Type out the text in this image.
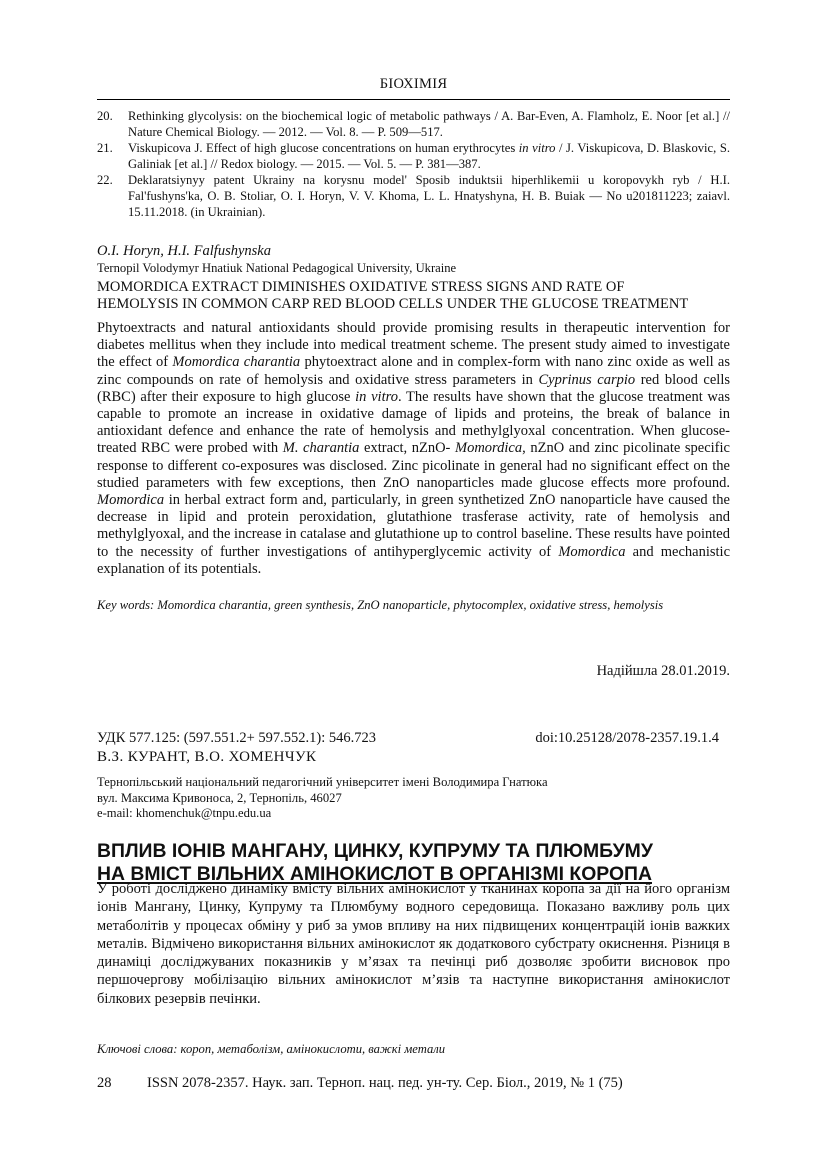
БІОХІМІЯ
20.	Rethinking glycolysis: on the biochemical logic of metabolic pathways / A. Bar-Even, A. Flamholz, E. Noor [et al.] // Nature Chemical Biology. — 2012. — Vol. 8. — P. 509—517.
21.	Viskupicova J. Effect of high glucose concentrations on human erythrocytes in vitro / J. Viskupicova, D. Blaskovic, S. Galiniak [et al.] // Redox biology. — 2015. — Vol. 5. — P. 381—387.
22.	Deklaratsiynyy patent Ukrainy na korysnu model' Sposib induktsii hiperhlikemii u koropovykh ryb / H.I. Fal'fushyns'ka, O. B. Stoliar, O. I. Horyn, V. V. Khoma, L. L. Hnatyshyna, H. B. Buiak — No u201811223; zaiavl. 15.11.2018. (in Ukrainian).
O.I. Horyn, H.I. Falfushynska
Ternopil Volodymyr Hnatiuk National Pedagogical University, Ukraine
MOMORDICA EXTRACT DIMINISHES OXIDATIVE STRESS SIGNS AND RATE OF
HEMOLYSIS IN COMMON CARP RED BLOOD CELLS UNDER THE GLUCOSE TREATMENT
Phytoextracts and natural antioxidants should provide promising results in therapeutic intervention for diabetes mellitus when they include into medical treatment scheme. The present study aimed to investigate the effect of Momordica charantia phytoextract alone and in complex-form with nano zinc oxide as well as zinc compounds on rate of hemolysis and oxidative stress parameters in Cyprinus carpio red blood cells (RBC) after their exposure to high glucose in vitro. The results have shown that the glucose treatment was capable to promote an increase in oxidative damage of lipids and proteins, the break of balance in antioxidant defence and enhance the rate of hemolysis and methylglyoxal concentration. When glucose-treated RBC were probed with M. charantia extract, nZnO- Momordica, nZnO and zinc picolinate specific response to different co-exposures was disclosed. Zinc picolinate in general had no significant effect on the studied parameters with few exceptions, then ZnO nanoparticles made glucose effects more profound. Momordica in herbal extract form and, particularly, in green synthetized ZnO nanoparticle have caused the decrease in lipid and protein peroxidation, glutathione trasferase activity, rate of hemolysis and methylglyoxal, and the increase in catalase and glutathione up to control baseline. These results have pointed to the necessity of further investigations of antihyperglycemic activity of Momordica and mechanistic explanation of its potentials.
Key words: Momordica charantia, green synthesis, ZnO nanoparticle, phytocomplex, oxidative stress, hemolysis
Надійшла 28.01.2019.
УДК 577.125: (597.551.2+ 597.552.1): 546.723	doi:10.25128/2078-2357.19.1.4
В.З. КУРАНТ, В.О. ХОМЕНЧУК
Тернопільський національний педагогічний університет імені Володимира Гнатюка
вул. Максима Кривоноса, 2, Тернопіль, 46027
e-mail: khomenchuk@tnpu.edu.ua
ВПЛИВ ІОНІВ МАНГАНУ, ЦИНКУ, КУПРУМУ ТА ПЛЮМБУМУ
НА ВМІСТ ВІЛЬНИХ АМІНОКИСЛОТ В ОРГАНІЗМІ КОРОПА
У роботі досліджено динаміку вмісту вільних амінокислот у тканинах коропа за дії на його організм іонів Мангану, Цинку, Купруму та Плюмбуму водного середовища. Показано важливу роль цих метаболітів у процесах обміну у риб за умов впливу на них підвищених концентрацій іонів важких металів. Відмічено використання вільних амінокислот як додаткового субстрату окиснення. Різниця в динаміці досліджуваних показників у м’язах та печінці риб дозволяє зробити висновок про першочергову мобілізацію вільних амінокислот м’язів та наступне використання амінокислот білкових резервів печінки.
Ключові слова: короп, метаболізм, амінокислоти, важкі метали
28 ISSN 2078-2357. Наук. зап. Терноп. нац. пед. ун-ту. Сер. Біол., 2019, № 1 (75)
